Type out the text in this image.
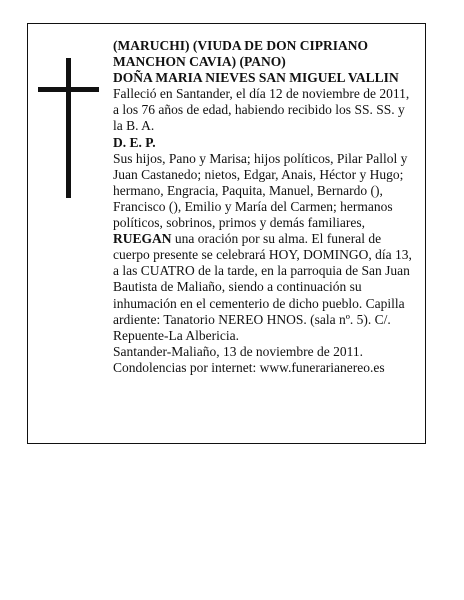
(MARUCHI) (VIUDA DE DON CIPRIANO
MANCHON CAVIA) (PANO)
DOÑA MARIA NIEVES SAN MIGUEL VALLIN
Falleció en Santander, el día 12 de noviembre de 2011,
a los 76 años de edad, habiendo recibido los SS. SS. y
la B. A.
D. E. P.
Sus hijos, Pano y Marisa; hijos políticos, Pilar Pallol y
Juan Castanedo; nietos, Edgar, Anais, Héctor y Hugo;
hermano, Engracia, Paquita, Manuel, Bernardo (),
Francisco (), Emilio y María del Carmen; hermanos
políticos, sobrinos, primos y demás familiares,
RUEGAN una oración por su alma. El funeral de
cuerpo presente se celebrará HOY, DOMINGO, día 13,
a las CUATRO de la tarde, en la parroquia de San Juan
Bautista de Maliaño, siendo a continuación su
inhumación en el cementerio de dicho pueblo. Capilla
ardiente: Tanatorio NEREO HNOS. (sala nº. 5). C/.
Repuente-La Albericia.
Santander-Maliaño, 13 de noviembre de 2011.
Condolencias por internet: www.funerarianereo.es
